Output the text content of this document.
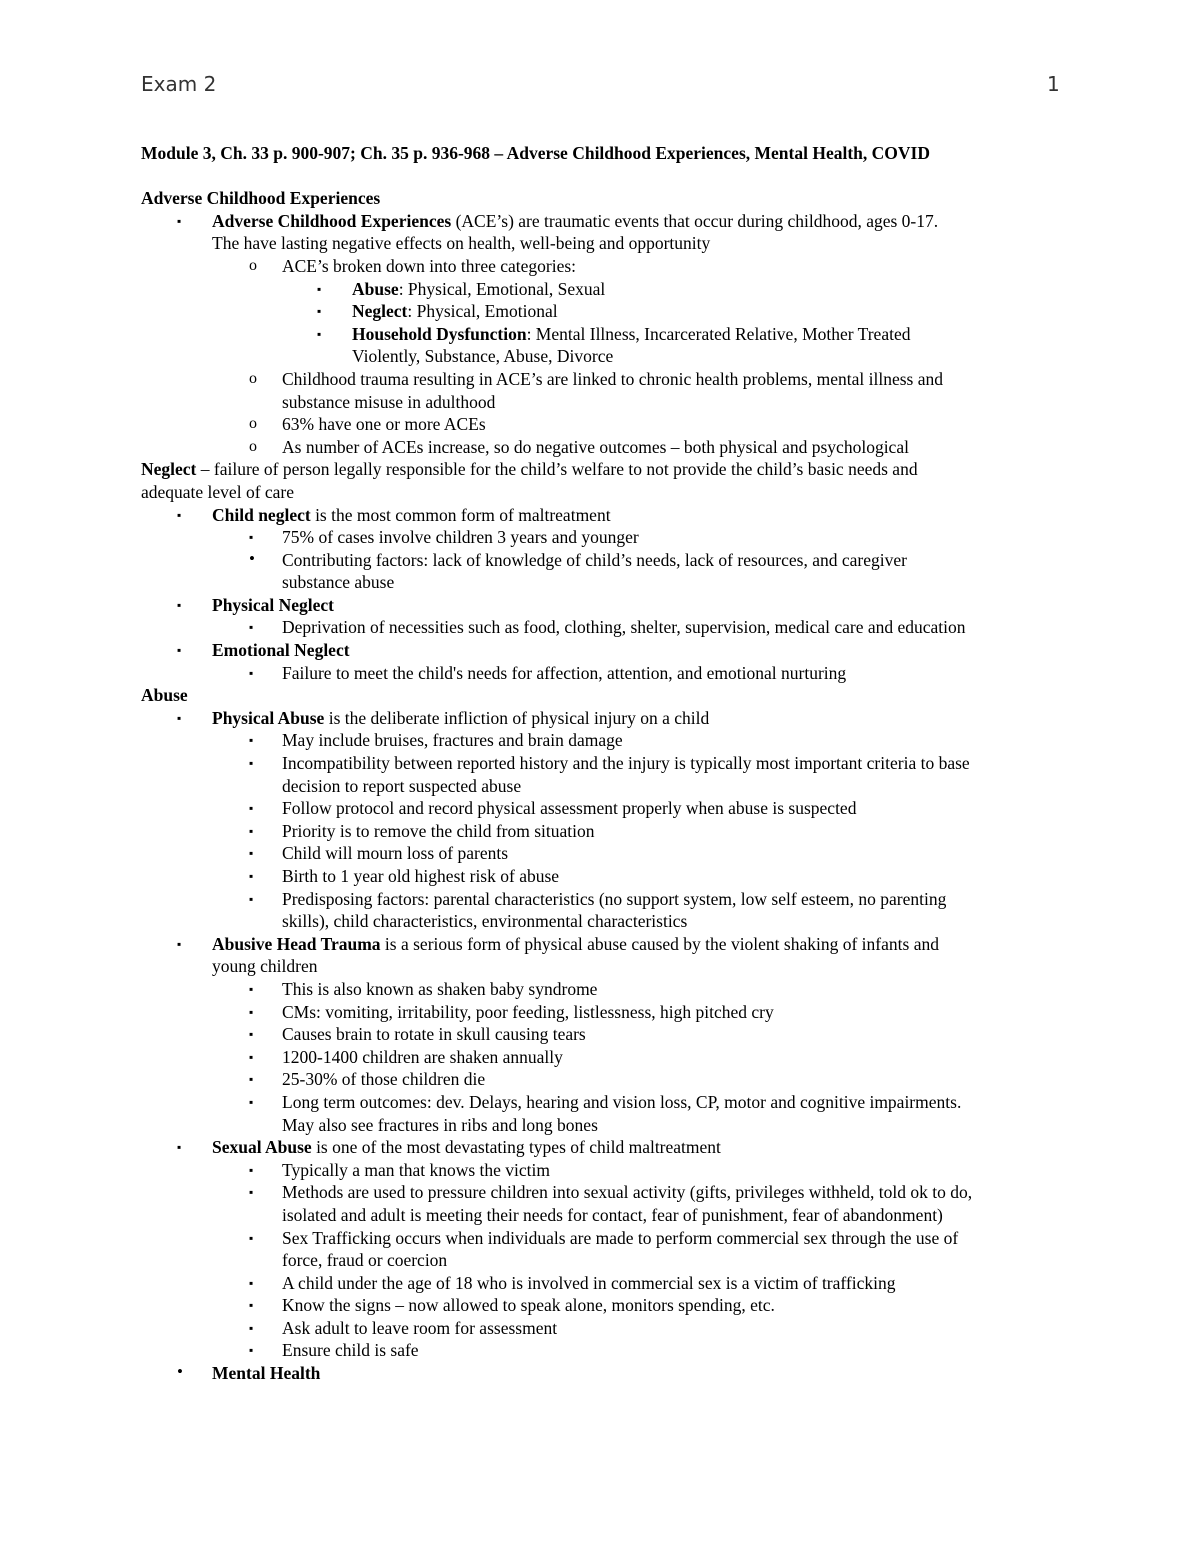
Exam 2	1
Module 3, Ch. 33 p. 900-907; Ch. 35 p. 936-968 – Adverse Childhood Experiences, Mental Health, COVID
Adverse Childhood Experiences
▪ Adverse Childhood Experiences (ACE’s) are traumatic events that occur during childhood, ages 0-17.
The have lasting negative effects on health, well-being and opportunity
o ACE’s broken down into three categories:
▪ Abuse: Physical, Emotional, Sexual
▪ Neglect: Physical, Emotional
▪ Household Dysfunction: Mental Illness, Incarcerated Relative, Mother Treated
Violently, Substance, Abuse, Divorce
o Childhood trauma resulting in ACE’s are linked to chronic health problems, mental illness and
substance misuse in adulthood
o 63% have one or more ACEs
o As number of ACEs increase, so do negative outcomes – both physical and psychological
Neglect – failure of person legally responsible for the child’s welfare to not provide the child’s basic needs and
adequate level of care
▪ Child neglect is the most common form of maltreatment
▪ 75% of cases involve children 3 years and younger
• Contributing factors: lack of knowledge of child’s needs, lack of resources, and caregiver
substance abuse
▪ Physical Neglect
▪ Deprivation of necessities such as food, clothing, shelter, supervision, medical care and education
▪ Emotional Neglect
▪ Failure to meet the child's needs for affection, attention, and emotional nurturing
Abuse
▪ Physical Abuse is the deliberate infliction of physical injury on a child
▪ May include bruises, fractures and brain damage
▪ Incompatibility between reported history and the injury is typically most important criteria to base
decision to report suspected abuse
▪ Follow protocol and record physical assessment properly when abuse is suspected
▪ Priority is to remove the child from situation
▪ Child will mourn loss of parents
▪ Birth to 1 year old highest risk of abuse
▪ Predisposing factors: parental characteristics (no support system, low self esteem, no parenting
skills), child characteristics, environmental characteristics
▪ Abusive Head Trauma is a serious form of physical abuse caused by the violent shaking of infants and
young children
▪ This is also known as shaken baby syndrome
▪ CMs: vomiting, irritability, poor feeding, listlessness, high pitched cry
▪ Causes brain to rotate in skull causing tears
▪ 1200-1400 children are shaken annually
▪ 25-30% of those children die
▪ Long term outcomes: dev. Delays, hearing and vision loss, CP, motor and cognitive impairments.
May also see fractures in ribs and long bones
▪ Sexual Abuse is one of the most devastating types of child maltreatment
▪ Typically a man that knows the victim
▪ Methods are used to pressure children into sexual activity (gifts, privileges withheld, told ok to do,
isolated and adult is meeting their needs for contact, fear of punishment, fear of abandonment)
▪ Sex Trafficking occurs when individuals are made to perform commercial sex through the use of
force, fraud or coercion
▪ A child under the age of 18 who is involved in commercial sex is a victim of trafficking
▪ Know the signs – now allowed to speak alone, monitors spending, etc.
▪ Ask adult to leave room for assessment
▪ Ensure child is safe
• Mental Health
